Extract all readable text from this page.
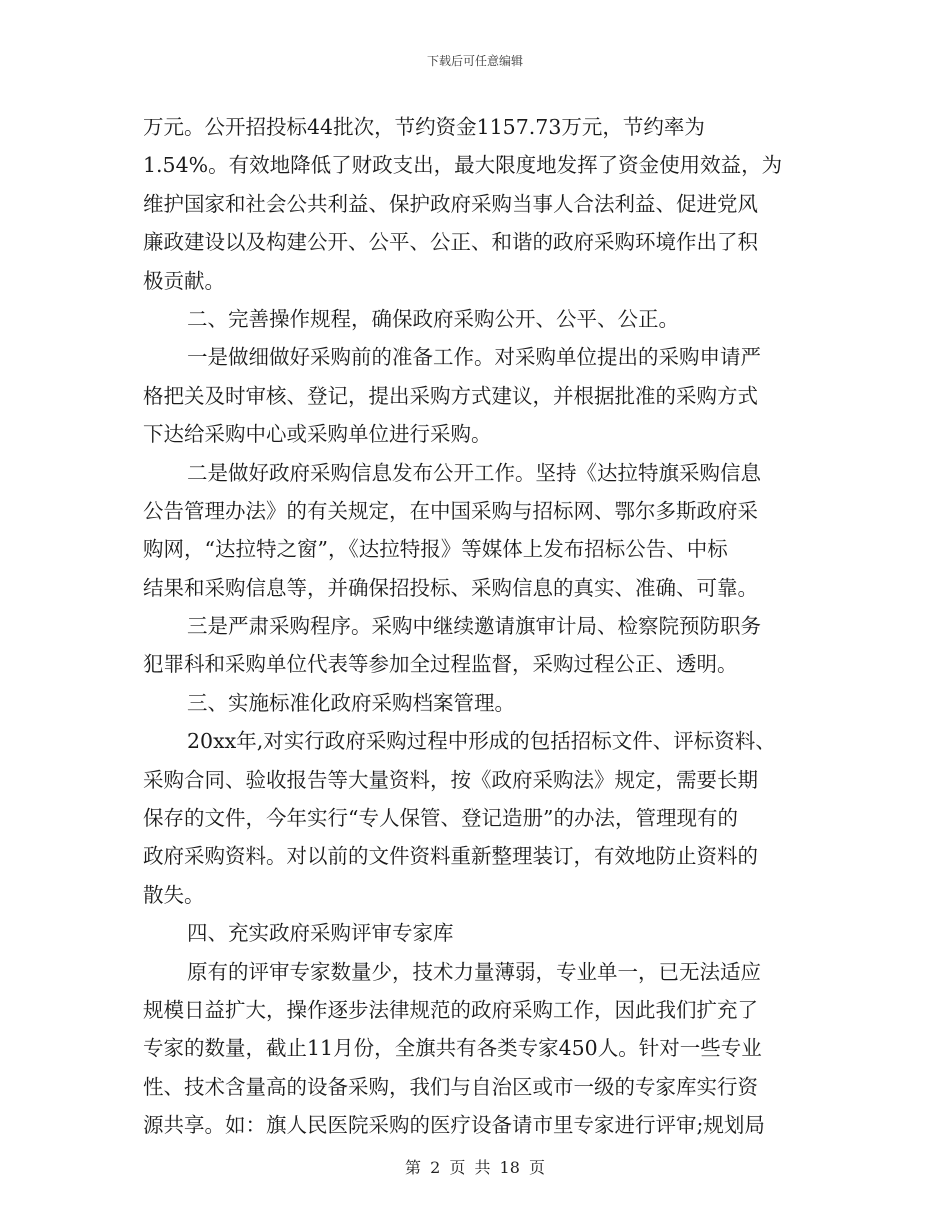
下载后可任意编辑
万元。公开招投标44批次，节约资金1157.73万元，节约率为
1.54%。有效地降低了财政支出，最大限度地发挥了资金使用效益，为
维护国家和社会公共利益、保护政府采购当事人合法利益、促进党风
廉政建设以及构建公开、公平、公正、和谐的政府采购环境作出了积
极贡献。
二、完善操作规程，确保政府采购公开、公平、公正。
一是做细做好采购前的准备工作。对采购单位提出的采购申请严
格把关及时审核、登记，提出采购方式建议，并根据批准的采购方式
下达给采购中心或采购单位进行采购。
二是做好政府采购信息发布公开工作。坚持《达拉特旗采购信息
公告管理办法》的有关规定，在中国采购与招标网、鄂尔多斯政府采
购网，“达拉特之窗”，《达拉特报》等媒体上发布招标公告、中标
结果和采购信息等，并确保招投标、采购信息的真实、准确、可靠。
三是严肃采购程序。采购中继续邀请旗审计局、检察院预防职务
犯罪科和采购单位代表等参加全过程监督，采购过程公正、透明。
三、实施标准化政府采购档案管理。
20xx年,对实行政府采购过程中形成的包括招标文件、评标资料、
采购合同、验收报告等大量资料，按《政府采购法》规定，需要长期
保存的文件，今年实行“专人保管、登记造册”的办法，管理现有的
政府采购资料。对以前的文件资料重新整理装订，有效地防止资料的
散失。
四、充实政府采购评审专家库
原有的评审专家数量少，技术力量薄弱，专业单一，已无法适应
规模日益扩大，操作逐步法律规范的政府采购工作，因此我们扩充了
专家的数量，截止11月份，全旗共有各类专家450人。针对一些专业
性、技术含量高的设备采购，我们与自治区或市一级的专家库实行资
源共享。如：旗人民医院采购的医疗设备请市里专家进行评审;规划局
第 2 页 共 18 页
